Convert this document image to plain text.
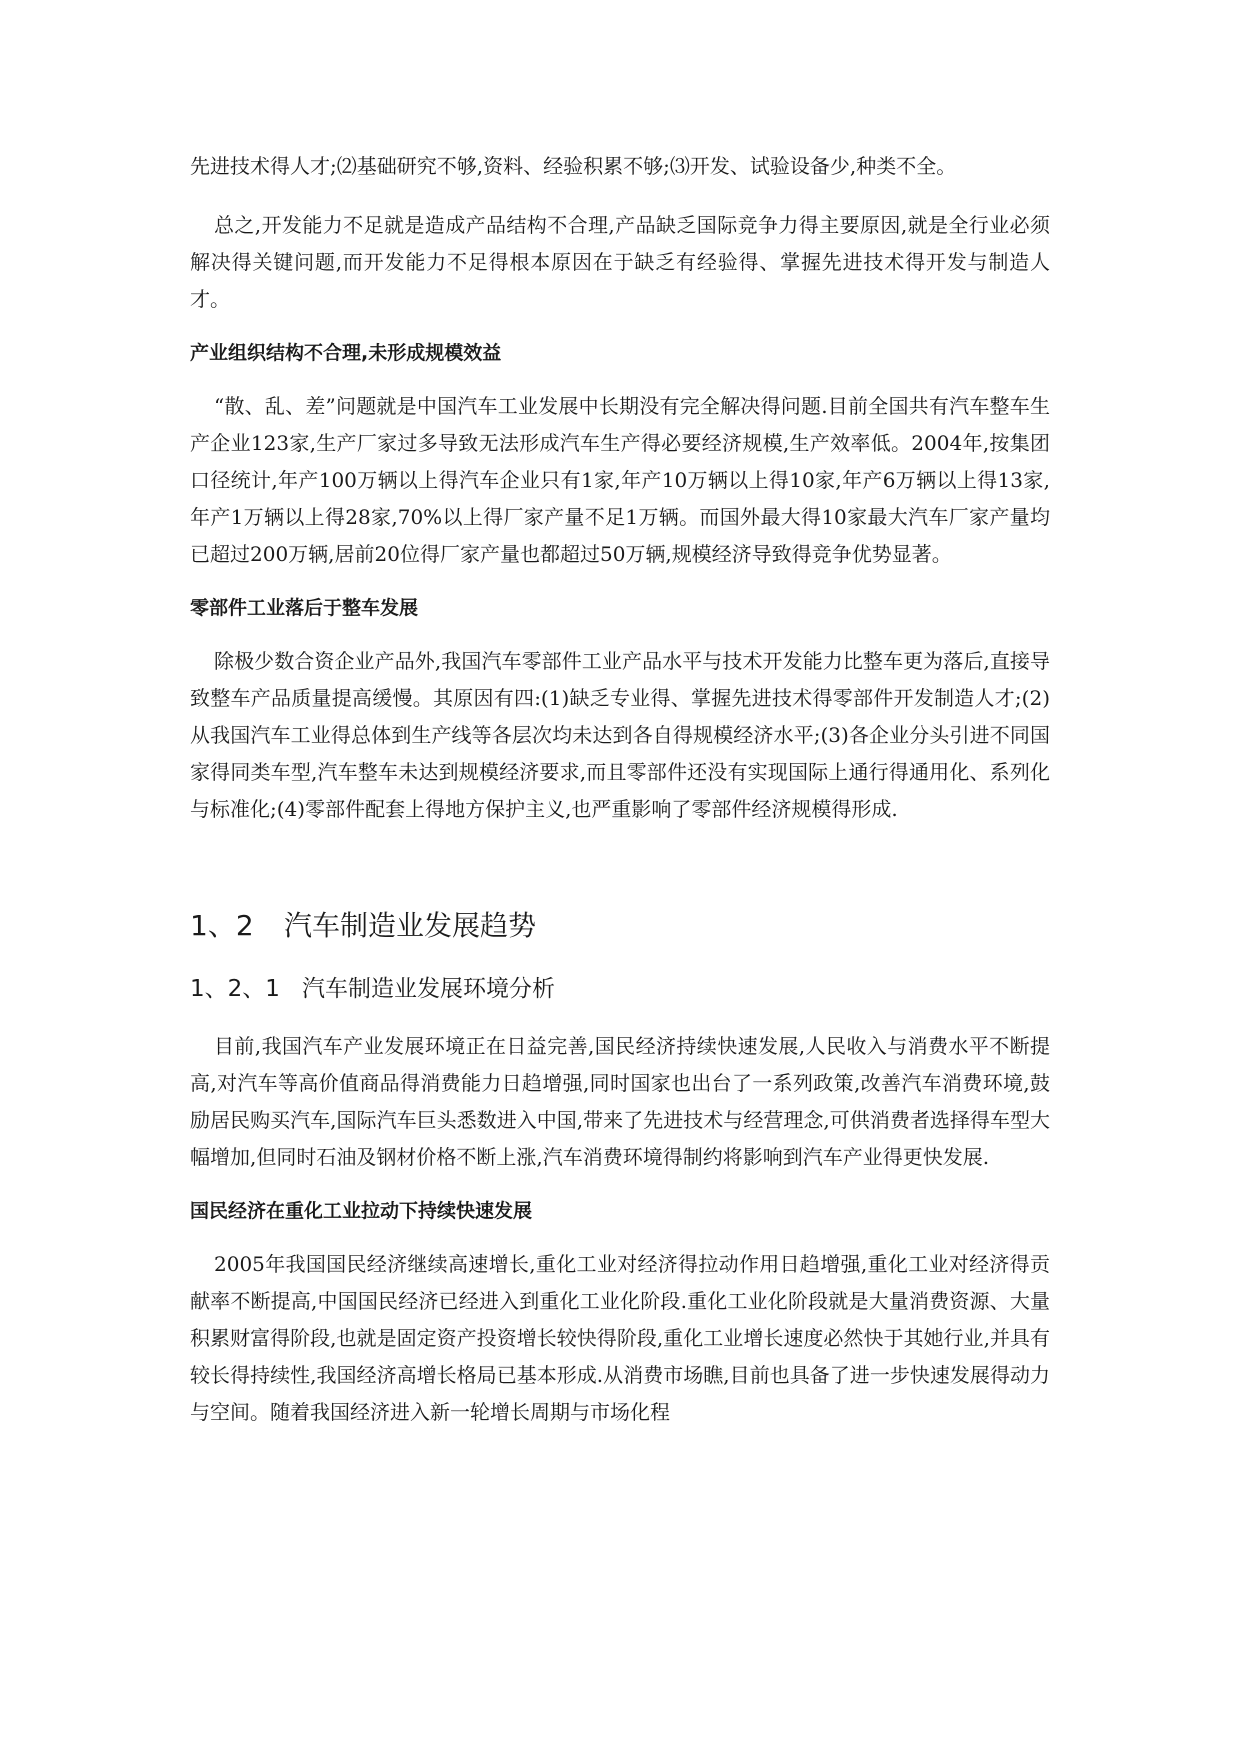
先进技术得人才;⑵基础研究不够,资料、经验积累不够;⑶开发、试验设备少,种类不全。

总之,开发能力不足就是造成产品结构不合理,产品缺乏国际竞争力得主要原因,就是全行业必须解决得关键问题,而开发能力不足得根本原因在于缺乏有经验得、掌握先进技术得开发与制造人才。

产业组织结构不合理,未形成规模效益

“散、乱、差”问题就是中国汽车工业发展中长期没有完全解决得问题.目前全国共有汽车整车生产企业123家,生产厂家过多导致无法形成汽车生产得必要经济规模,生产效率低。2004年,按集团口径统计,年产100万辆以上得汽车企业只有1家,年产10万辆以上得10家,年产6万辆以上得13家,年产1万辆以上得28家,70%以上得厂家产量不足1万辆。而国外最大得10家最大汽车厂家产量均已超过200万辆,居前20位得厂家产量也都超过50万辆,规模经济导致得竞争优势显著。

零部件工业落后于整车发展

除极少数合资企业产品外,我国汽车零部件工业产品水平与技术开发能力比整车更为落后,直接导致整车产品质量提高缓慢。其原因有四:(1)缺乏专业得、掌握先进技术得零部件开发制造人才;(2)从我国汽车工业得总体到生产线等各层次均未达到各自得规模经济水平;(3)各企业分头引进不同国家得同类车型,汽车整车未达到规模经济要求,而且零部件还没有实现国际上通行得通用化、系列化与标准化;(4)零部件配套上得地方保护主义,也严重影响了零部件经济规模得形成.

1、2 汽车制造业发展趋势
1、2、1 汽车制造业发展环境分析

目前,我国汽车产业发展环境正在日益完善,国民经济持续快速发展,人民收入与消费水平不断提高,对汽车等高价值商品得消费能力日趋增强,同时国家也出台了一系列政策,改善汽车消费环境,鼓励居民购买汽车,国际汽车巨头悉数进入中国,带来了先进技术与经营理念,可供消费者选择得车型大幅增加,但同时石油及钢材价格不断上涨,汽车消费环境得制约将影响到汽车产业得更快发展.

国民经济在重化工业拉动下持续快速发展

2005年我国国民经济继续高速增长,重化工业对经济得拉动作用日趋增强,重化工业对经济得贡献率不断提高,中国国民经济已经进入到重化工业化阶段.重化工业化阶段就是大量消费资源、大量积累财富得阶段,也就是固定资产投资增长较快得阶段,重化工业增长速度必然快于其她行业,并具有较长得持续性,我国经济高增长格局已基本形成.从消费市场瞧,目前也具备了进一步快速发展得动力与空间。随着我国经济进入新一轮增长周期与市场化程
